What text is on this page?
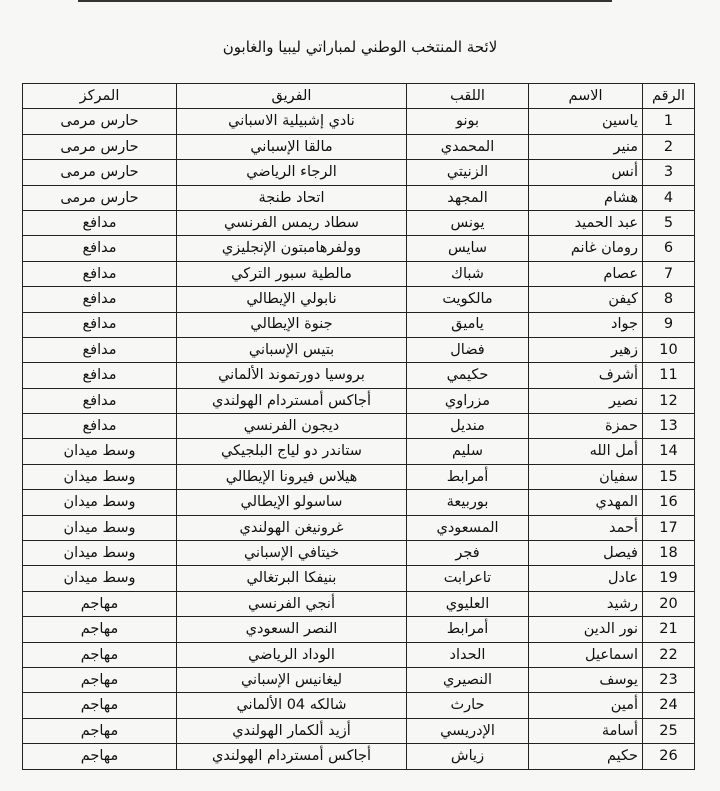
لائحة المنتخب الوطني لمباراتي ليبيا والغابون
الرقم	الاسم	اللقب	الفريق	المركز
1	ياسين	بونو	نادي إشبيلية الاسباني	حارس مرمى
2	منير	المحمدي	مالقا الإسباني	حارس مرمى
3	أنس	الزنيتي	الرجاء الرياضي	حارس مرمى
4	هشام	المجهد	اتحاد طنجة	حارس مرمى
5	عبد الحميد	يونس	سطاد ريمس الفرنسي	مدافع
6	رومان غانم	سايس	وولفرهامبتون الإنجليزي	مدافع
7	عصام	شباك	مالطية سبور التركي	مدافع
8	كيفن	مالكويت	نابولي الإيطالي	مدافع
9	جواد	ياميق	جنوة الإيطالي	مدافع
10	زهير	فضال	بتيس الإسباني	مدافع
11	أشرف	حكيمي	بروسيا دورتموند الألماني	مدافع
12	نصير	مزراوي	أجاكس أمستردام الهولندي	مدافع
13	حمزة	منديل	ديجون الفرنسي	مدافع
14	أمل الله	سليم	ستاندر دو لياج البلجيكي	وسط ميدان
15	سفيان	أمرابط	هيلاس فيرونا الإيطالي	وسط ميدان
16	المهدي	بوربيعة	ساسولو الإيطالي	وسط ميدان
17	أحمد	المسعودي	غرونيغن الهولندي	وسط ميدان
18	فيصل	فجر	خيتافي الإسباني	وسط ميدان
19	عادل	تاعرابت	بنيفكا البرتغالي	وسط ميدان
20	رشيد	العليوي	أنجي الفرنسي	مهاجم
21	نور الدين	أمرابط	النصر السعودي	مهاجم
22	اسماعيل	الحداد	الوداد الرياضي	مهاجم
23	يوسف	النصيري	ليغانيس الإسباني	مهاجم
24	أمين	حارث	شالكه 04 الألماني	مهاجم
25	أسامة	الإدريسي	أزيد ألكمار الهولندي	مهاجم
26	حكيم	زياش	أجاكس أمستردام الهولندي	مهاجم
